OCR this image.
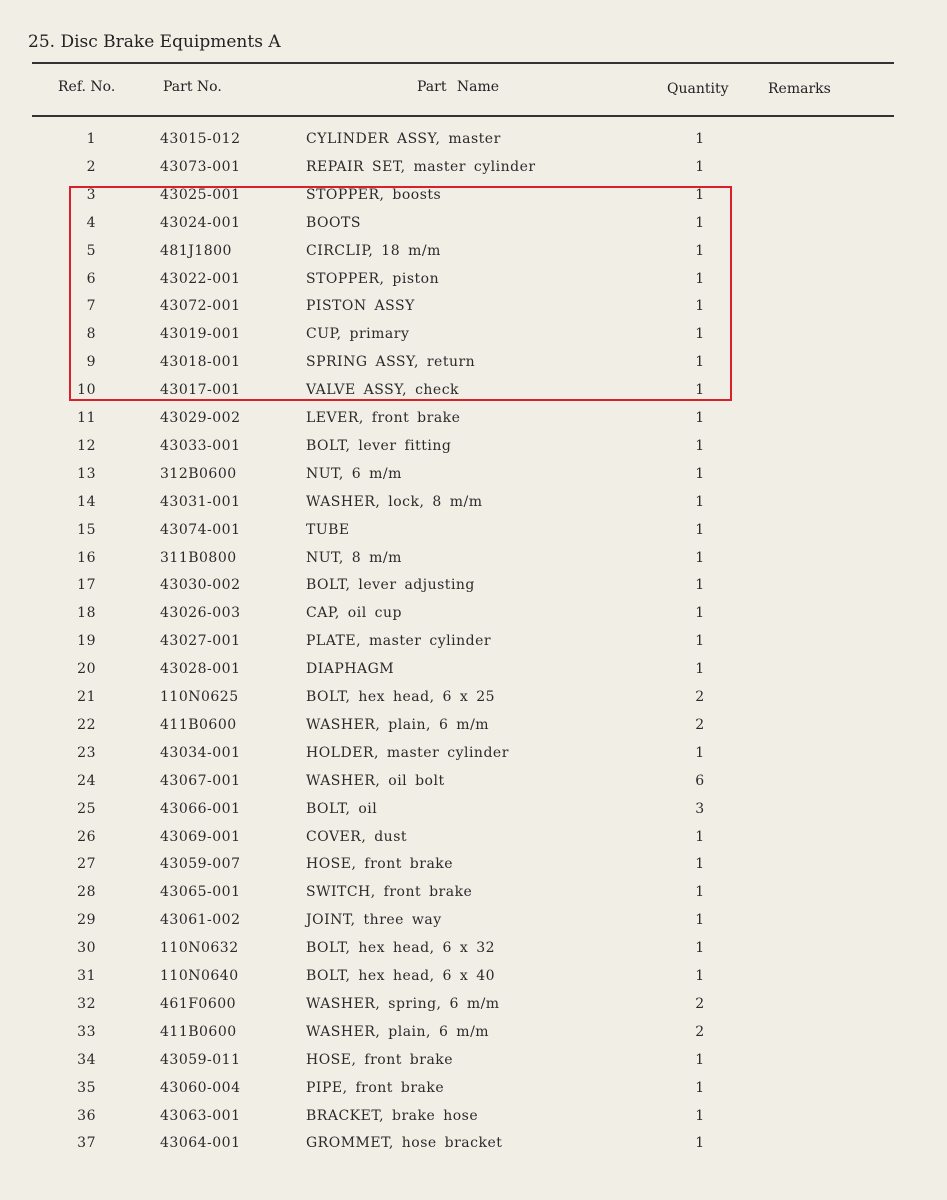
25. Disc Brake Equipments A
Ref. No.	Part No.	Part Name	Quantity	Remarks
1	43015-012	CYLINDER ASSY, master	1
2	43073-001	REPAIR SET, master cylinder	1
3	43025-001	STOPPER, boosts	1
4	43024-001	BOOTS	1
5	481J1800	CIRCLIP, 18 m/m	1
6	43022-001	STOPPER, piston	1
7	43072-001	PISTON ASSY	1
8	43019-001	CUP, primary	1
9	43018-001	SPRING ASSY, return	1
10	43017-001	VALVE ASSY, check	1
11	43029-002	LEVER, front brake	1
12	43033-001	BOLT, lever fitting	1
13	312B0600	NUT, 6 m/m	1
14	43031-001	WASHER, lock, 8 m/m	1
15	43074-001	TUBE	1
16	311B0800	NUT, 8 m/m	1
17	43030-002	BOLT, lever adjusting	1
18	43026-003	CAP, oil cup	1
19	43027-001	PLATE, master cylinder	1
20	43028-001	DIAPHAGM	1
21	110N0625	BOLT, hex head, 6 x 25	2
22	411B0600	WASHER, plain, 6 m/m	2
23	43034-001	HOLDER, master cylinder	1
24	43067-001	WASHER, oil bolt	6
25	43066-001	BOLT, oil	3
26	43069-001	COVER, dust	1
27	43059-007	HOSE, front brake	1
28	43065-001	SWITCH, front brake	1
29	43061-002	JOINT, three way	1
30	110N0632	BOLT, hex head, 6 x 32	1
31	110N0640	BOLT, hex head, 6 x 40	1
32	461F0600	WASHER, spring, 6 m/m	2
33	411B0600	WASHER, plain, 6 m/m	2
34	43059-011	HOSE, front brake	1
35	43060-004	PIPE, front brake	1
36	43063-001	BRACKET, brake hose	1
37	43064-001	GROMMET, hose bracket	1
